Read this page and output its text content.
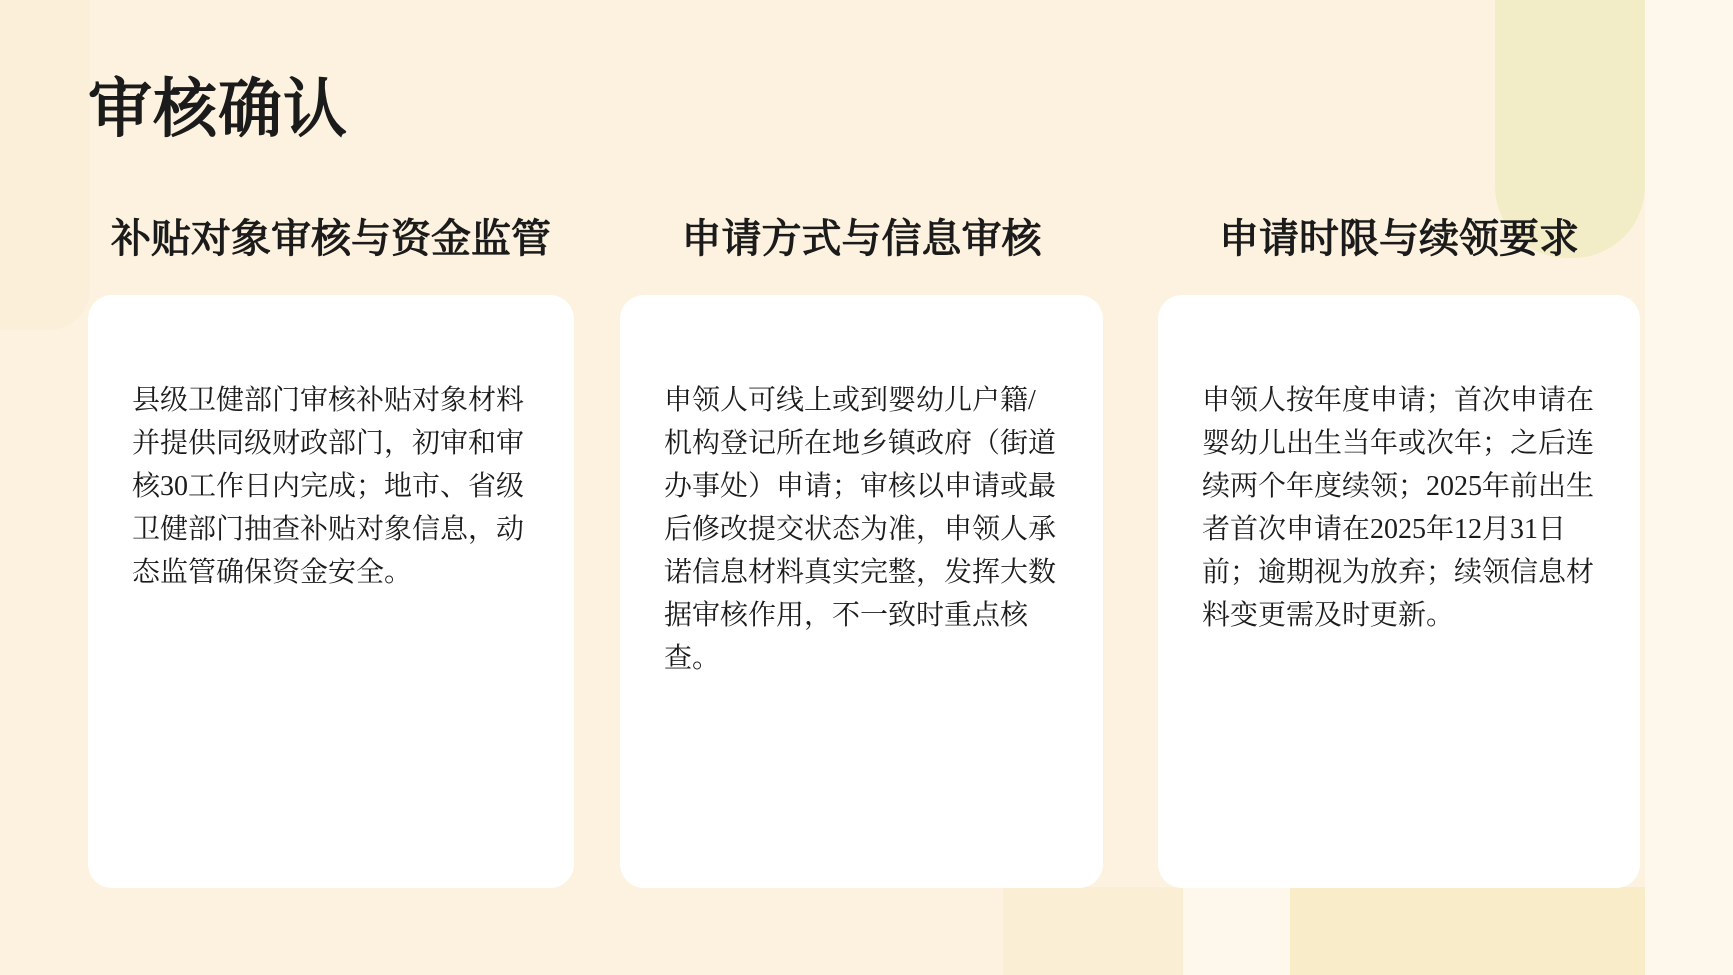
审核确认
补贴对象审核与资金监管

县级卫健部门审核补贴对象材料并提供同级财政部门，初审和审核30工作日内完成；地市、省级卫健部门抽查补贴对象信息，动态监管确保资金安全。

申请方式与信息审核

申领人可线上或到婴幼儿户籍/机构登记所在地乡镇政府（街道办事处）申请；审核以申请或最后修改提交状态为准，申领人承诺信息材料真实完整，发挥大数据审核作用，不一致时重点核查。

申请时限与续领要求

申领人按年度申请；首次申请在婴幼儿出生当年或次年；之后连续两个年度续领；2025年前出生者首次申请在2025年12月31日前；逾期视为放弃；续领信息材料变更需及时更新。
